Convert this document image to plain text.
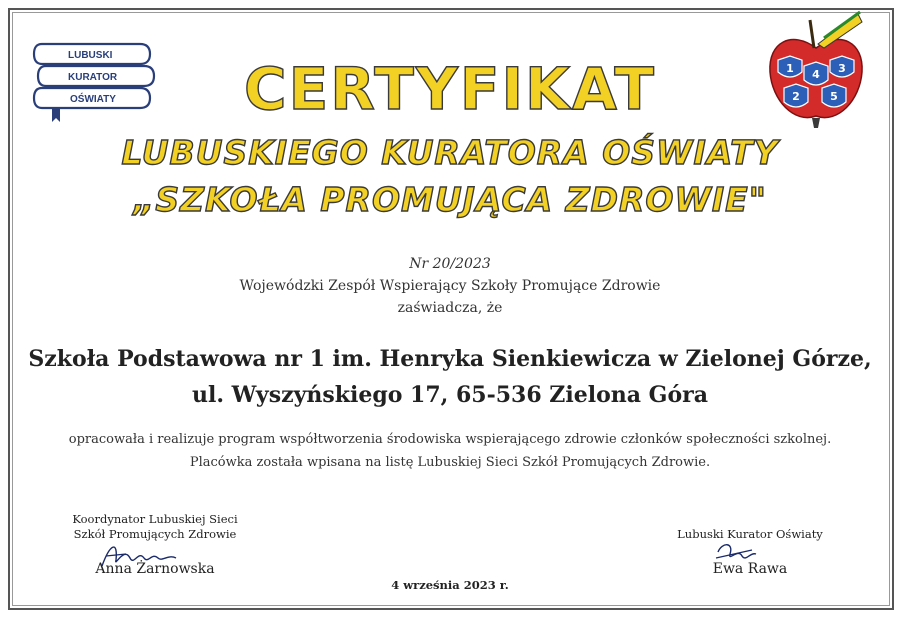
LUBUSKI
KURATOR
OŚWIATY
1
2
3
4
5
CERTYFIKAT
LUBUSKIEGO KURATORA OŚWIATY
„SZKOŁA PROMUJĄCA ZDROWIE"
Nr 20/2023
Wojewódzki Zespół Wspierający Szkoły Promujące Zdrowie
zaświadcza, że
Szkoła Podstawowa nr 1 im. Henryka Sienkiewicza w Zielonej Górze,
ul. Wyszyńskiego 17, 65-536 Zielona Góra
opracowała i realizuje program współtworzenia środowiska wspierającego zdrowie członków społeczności szkolnej.
Placówka została wpisana na listę Lubuskiej Sieci Szkół Promujących Zdrowie.
Koordynator Lubuskiej Sieci
Szkół Promujących Zdrowie
Anna Żarnowska
Lubuski Kurator Oświaty
Ewa Rawa
4 września 2023 r.
